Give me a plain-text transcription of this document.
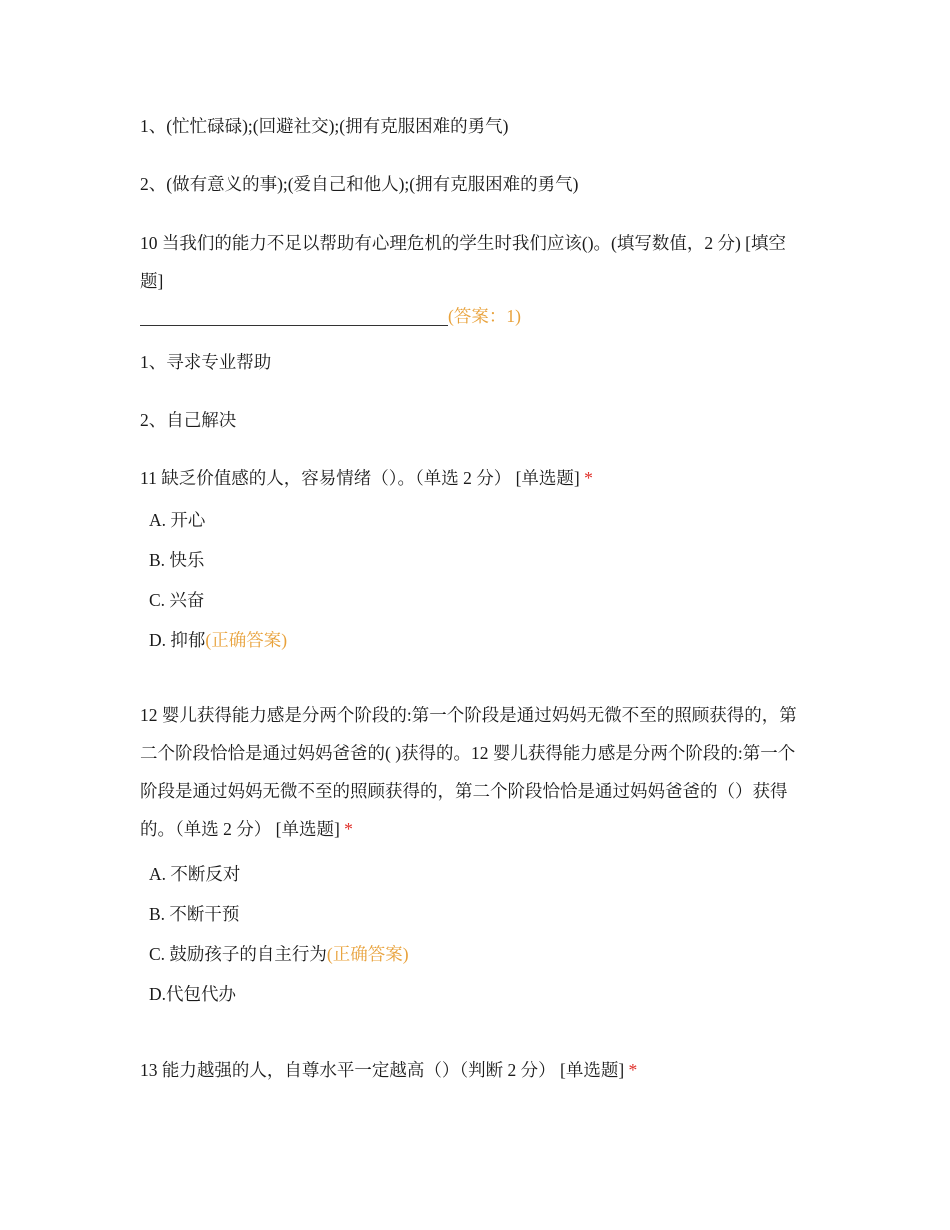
1、(忙忙碌碌);(回避社交);(拥有克服困难的勇气)
2、(做有意义的事);(爱自己和他人);(拥有克服困难的勇气)
10 当我们的能力不足以帮助有心理危机的学生时我们应该()。(填写数值，2 分) [填空题]
(答案：1)
1、寻求专业帮助
2、自己解决
11 缺乏价值感的人，容易情绪（）。（单选 2 分） [单选题] *
A. 开心
B. 快乐
C. 兴奋
D. 抑郁(正确答案)
12 婴儿获得能力感是分两个阶段的:第一个阶段是通过妈妈无微不至的照顾获得的，第二个阶段恰恰是通过妈妈爸爸的( )获得的。12 婴儿获得能力感是分两个阶段的:第一个阶段是通过妈妈无微不至的照顾获得的，第二个阶段恰恰是通过妈妈爸爸的（）获得的。（单选 2 分） [单选题] *
A. 不断反对
B. 不断干预
C. 鼓励孩子的自主行为(正确答案)
D.代包代办
13 能力越强的人，自尊水平一定越高（）（判断 2 分） [单选题] *
